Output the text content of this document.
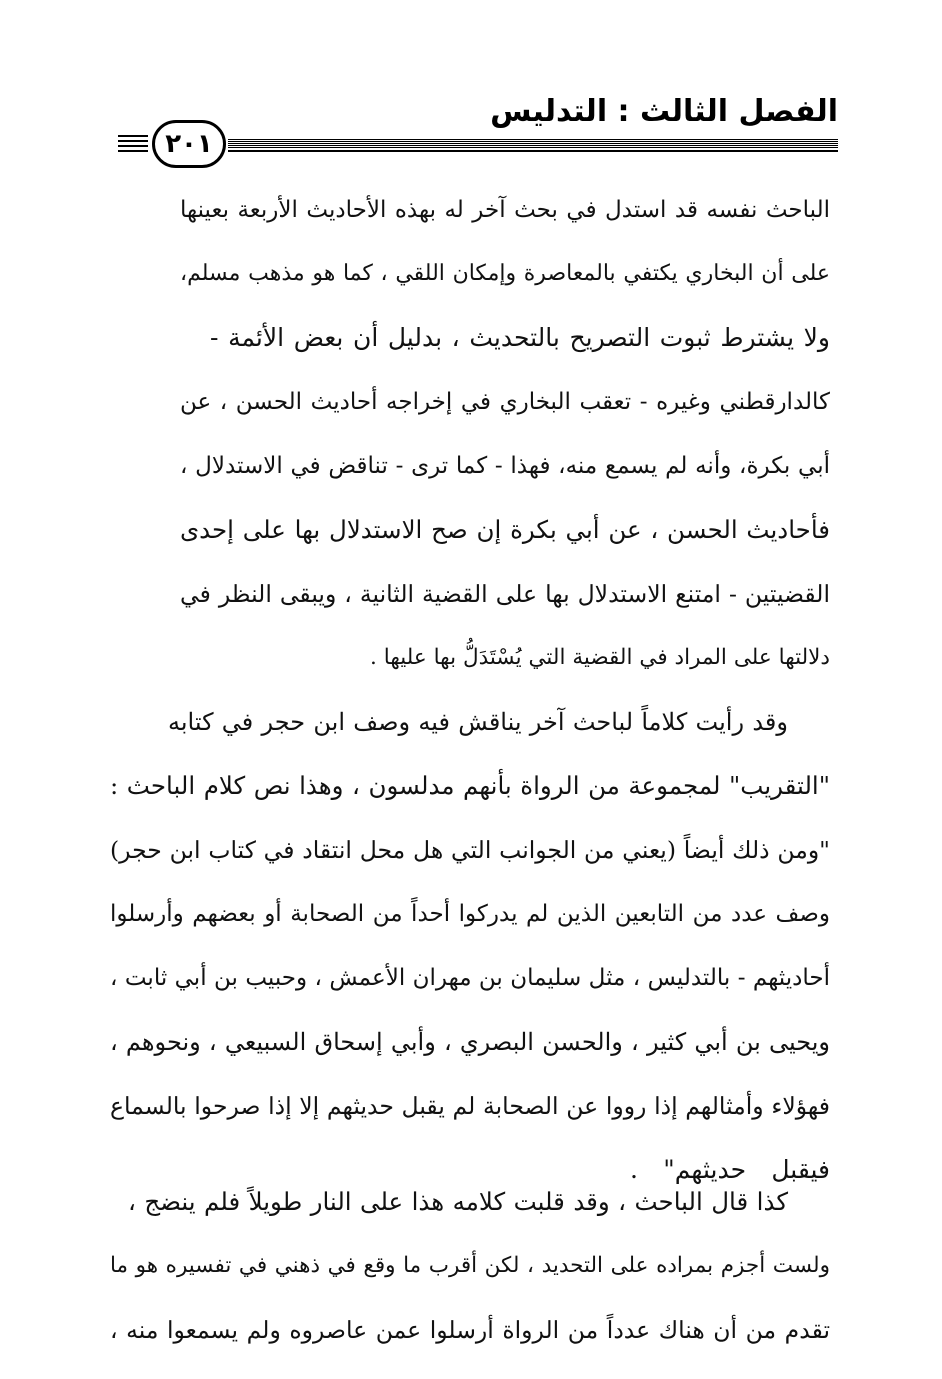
الفصل الثالث : التدليس
٢٠١
الباحث نفسه قد استدل في بحث آخر له بهذه الأحاديث الأربعة بعينها
على أن البخاري يكتفي بالمعاصرة وإمكان اللقي ، كما هو مذهب مسلم،
ولا يشترط ثبوت التصريح بالتحديث ، بدليل أن بعض الأئمة -
كالدارقطني وغيره - تعقب البخاري في إخراجه أحاديث الحسن ، عن
أبي بكرة، وأنه لم يسمع منه، فهذا - كما ترى - تناقض في الاستدلال ،
فأحاديث الحسن ، عن أبي بكرة إن صح الاستدلال بها على إحدى
القضيتين - امتنع الاستدلال بها على القضية الثانية ، ويبقى النظر في
دلالتها على المراد في القضية التي يُسْتَدَلُّ بها عليها .
وقد رأيت كلاماً لباحث آخر يناقش فيه وصف ابن حجر في كتابه
"التقريب" لمجموعة من الرواة بأنهم مدلسون ، وهذا نص كلام الباحث :
"ومن ذلك أيضاً (يعني من الجوانب التي هل محل انتقاد في كتاب ابن حجر)
وصف عدد من التابعين الذين لم يدركوا أحداً من الصحابة أو بعضهم وأرسلوا
أحاديثهم - بالتدليس ، مثل سليمان بن مهران الأعمش ، وحبيب بن أبي ثابت ،
ويحيى بن أبي كثير ، والحسن البصري ، وأبي إسحاق السبيعي ، ونحوهم ،
فهؤلاء وأمثالهم إذا رووا عن الصحابة لم يقبل حديثهم إلا إذا صرحوا بالسماع
فيقبل حديثهم" .
كذا قال الباحث ، وقد قلبت كلامه هذا على النار طويلاً فلم ينضج ،
ولست أجزم بمراده على التحديد ، لكن أقرب ما وقع في ذهني في تفسيره هو ما
تقدم من أن هناك عدداً من الرواة أرسلوا عمن عاصروه ولم يسمعوا منه ،
